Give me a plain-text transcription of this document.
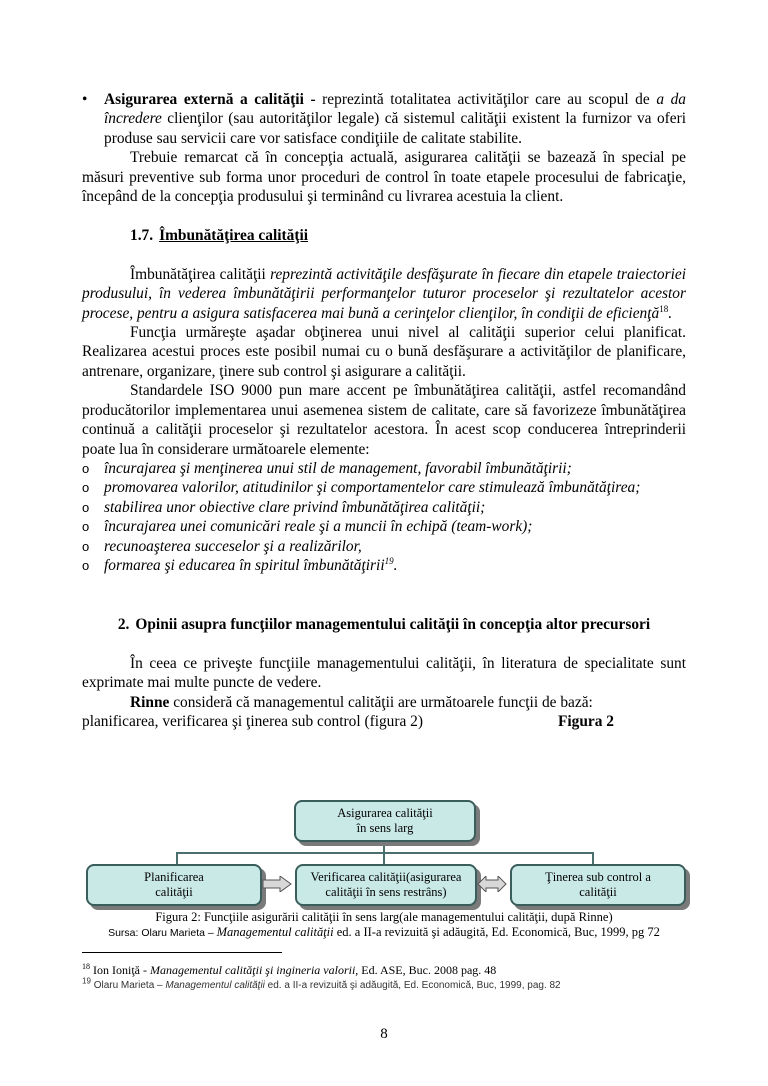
•	Asigurarea externă a calităţii - reprezintă totalitatea activităţilor care au scopul de a da încredere clienţilor (sau autorităţilor legale) că sistemul calităţii existent la furnizor va oferi produse sau servicii care vor satisface condiţiile de calitate stabilite.

Trebuie remarcat că în concepţia actuală, asigurarea calităţii se bazează în special pe măsuri preventive sub forma unor proceduri de control în toate etapele procesului de fabricaţie, începând de la concepţia produsului şi terminând cu livrarea acestuia la client.

1.7. Îmbunătăţirea calităţii

Îmbunătăţirea calităţii reprezintă activităţile desfăşurate în fiecare din etapele traiectoriei produsului, în vederea îmbunătăţirii performanţelor tuturor proceselor şi rezultatelor acestor procese, pentru a asigura satisfacerea mai bună a cerinţelor clienţilor, în condiţii de eficienţă$^{18}$.

Funcţia urmăreşte aşadar obţinerea unui nivel al calităţii superior celui planificat. Realizarea acestui proces este posibil numai cu o bună desfăşurare a activităţilor de planificare, antrenare, organizare, ţinere sub control şi asigurare a calităţii.

Standardele ISO 9000 pun mare accent pe îmbunătăţirea calităţii, astfel recomandând producătorilor implementarea unui asemenea sistem de calitate, care să favorizeze îmbunătăţirea continuă a calităţii proceselor şi rezultatelor acestora. În acest scop conducerea întreprinderii poate lua în considerare următoarele elemente:

o încurajarea şi menţinerea unui stil de management, favorabil îmbunătăţirii;
o promovarea valorilor, atitudinilor şi comportamentelor care stimulează îmbunătăţirea;
o stabilirea unor obiective clare privind îmbunătăţirea calităţii;
o încurajarea unei comunicări reale şi a muncii în echipă (team-work);
o recunoaşterea succeselor şi a realizărilor,
o formarea şi educarea în spiritul îmbunătăţirii$^{19}$.
2. Opinii asupra funcţiilor managementului calităţii în concepţia altor precursori

În ceea ce priveşte funcţiile managementului calităţii, în literatura de specialitate sunt exprimate mai multe puncte de vedere.

Rinne consideră că managementul calităţii are următoarele funcţii de bază:

planificarea, verificarea şi ţinerea sub control (figura 2)	Figura 2
Asigurarea calităţii
în sens larg
Planificarea
calităţii
Verificarea calităţii(asigurarea
calităţii în sens restrâns)
Ţinerea sub control a
calităţii
Figura 2: Funcţiile asigurării calităţii în sens larg(ale managementului calităţii, după Rinne)
Sursa: Olaru Marieta – Managementul calităţii ed. a II-a revizuită şi adăugită, Ed. Economică, Buc, 1999, pg 72
$^{18}$ Ion Ioniţă - Managementul calităţii şi ingineria valorii, Ed. ASE, Buc. 2008 pag. 48
$^{19}$ Olaru Marieta – Managementul calităţii ed. a II-a revizuită şi adăugită, Ed. Economică, Buc, 1999, pag. 82
8
